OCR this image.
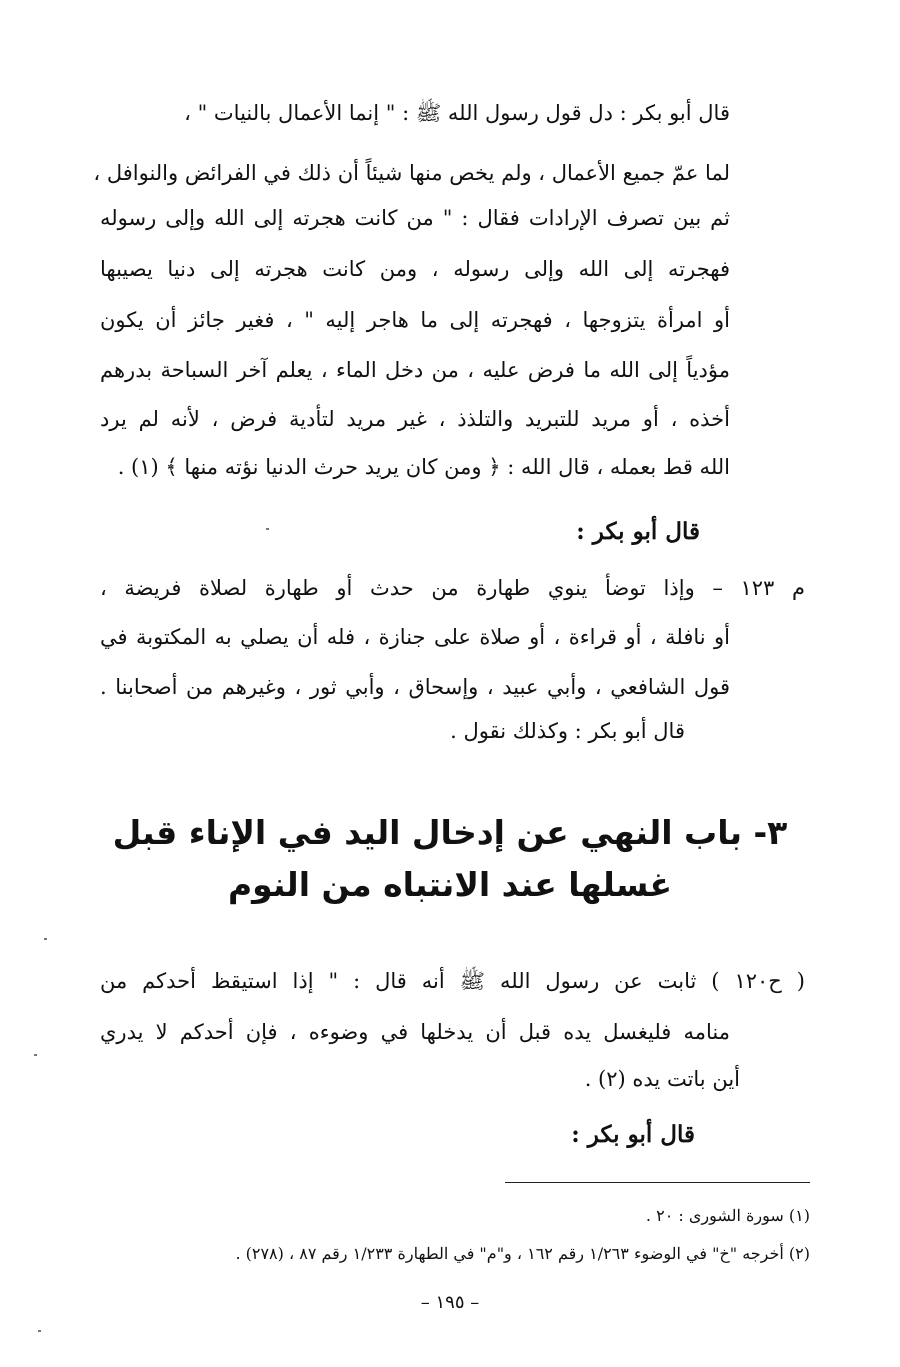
قال أبو بكر : دل قول رسول الله ﷺ : " إنما الأعمال بالنيات " ،
لما عمّ جميع الأعمال ، ولم يخص منها شيئاً أن ذلك في الفرائض والنوافل ،
ثم بين تصرف الإرادات فقال : " من كانت هجرته إلى الله وإلى رسوله
فهجرته إلى الله وإلى رسوله ، ومن كانت هجرته إلى دنيا يصيبها
أو امرأة يتزوجها ، فهجرته إلى ما هاجر إليه " ، فغير جائز أن يكون
مؤدياً إلى الله ما فرض عليه ، من دخل الماء ، يعلم آخر السباحة بدرهم
أخذه ، أو مريد للتبريد والتلذذ ، غير مريد لتأدية فرض ، لأنه لم يرد
الله قط بعمله ، قال الله : ﴿ ومن كان يريد حرث الدنيا نؤته منها ﴾ (١) .
قال أبو بكر :
م ١٢٣ – وإذا توضأ ينوي طهارة من حدث أو طهارة لصلاة فريضة ،
أو نافلة ، أو قراءة ، أو صلاة على جنازة ، فله أن يصلي به المكتوبة في
قول الشافعي ، وأبي عبيد ، وإسحاق ، وأبي ثور ، وغيرهم من أصحابنا .
قال أبو بكر : وكذلك نقول .
٣- باب النهي عن إدخال اليد في الإناء قبل
غسلها عند الانتباه من النوم
( ح١٢٠ ) ثابت عن رسول الله ﷺ أنه قال : " إذا استيقظ أحدكم من
منامه فليغسل يده قبل أن يدخلها في وضوءه ، فإن أحدكم لا يدري
أين باتت يده (٢) .
قال أبو بكر :
(١) سورة الشورى : ٢٠ .
(٢) أخرجه "خ" في الوضوء ١/٢٦٣ رقم ١٦٢ ، و"م" في الطهارة ١/٢٣٣ رقم ٨٧ ، (٢٧٨) .
– ١٩٥ –
